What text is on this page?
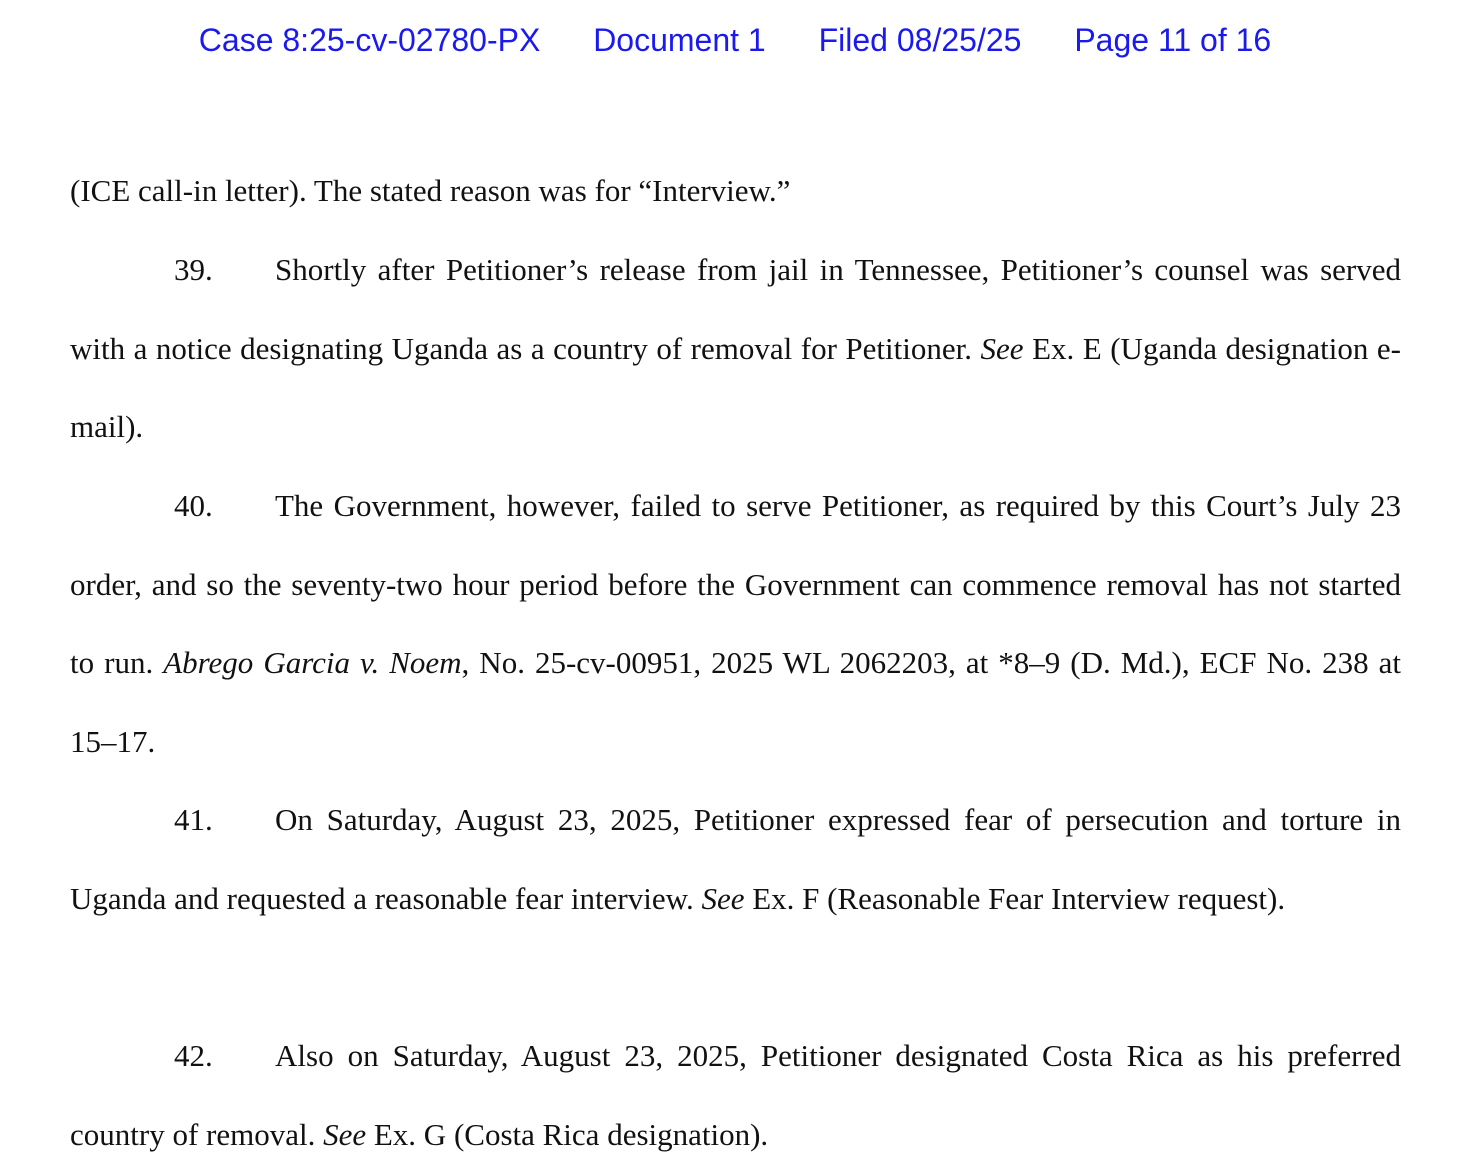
Case 8:25-cv-02780-PX Document 1 Filed 08/25/25 Page 11 of 16
(ICE call-in letter). The stated reason was for “Interview.”
39. Shortly after Petitioner’s release from jail in Tennessee, Petitioner’s counsel was served with a notice designating Uganda as a country of removal for Petitioner. See Ex. E (Uganda designation e-mail).
40. The Government, however, failed to serve Petitioner, as required by this Court’s July 23 order, and so the seventy-two hour period before the Government can commence removal has not started to run. Abrego Garcia v. Noem, No. 25-cv-00951, 2025 WL 2062203, at *8–9 (D. Md.), ECF No. 238 at 15–17.
41. On Saturday, August 23, 2025, Petitioner expressed fear of persecution and torture in Uganda and requested a reasonable fear interview. See Ex. F (Reasonable Fear Interview request).
42. Also on Saturday, August 23, 2025, Petitioner designated Costa Rica as his preferred country of removal. See Ex. G (Costa Rica designation).
